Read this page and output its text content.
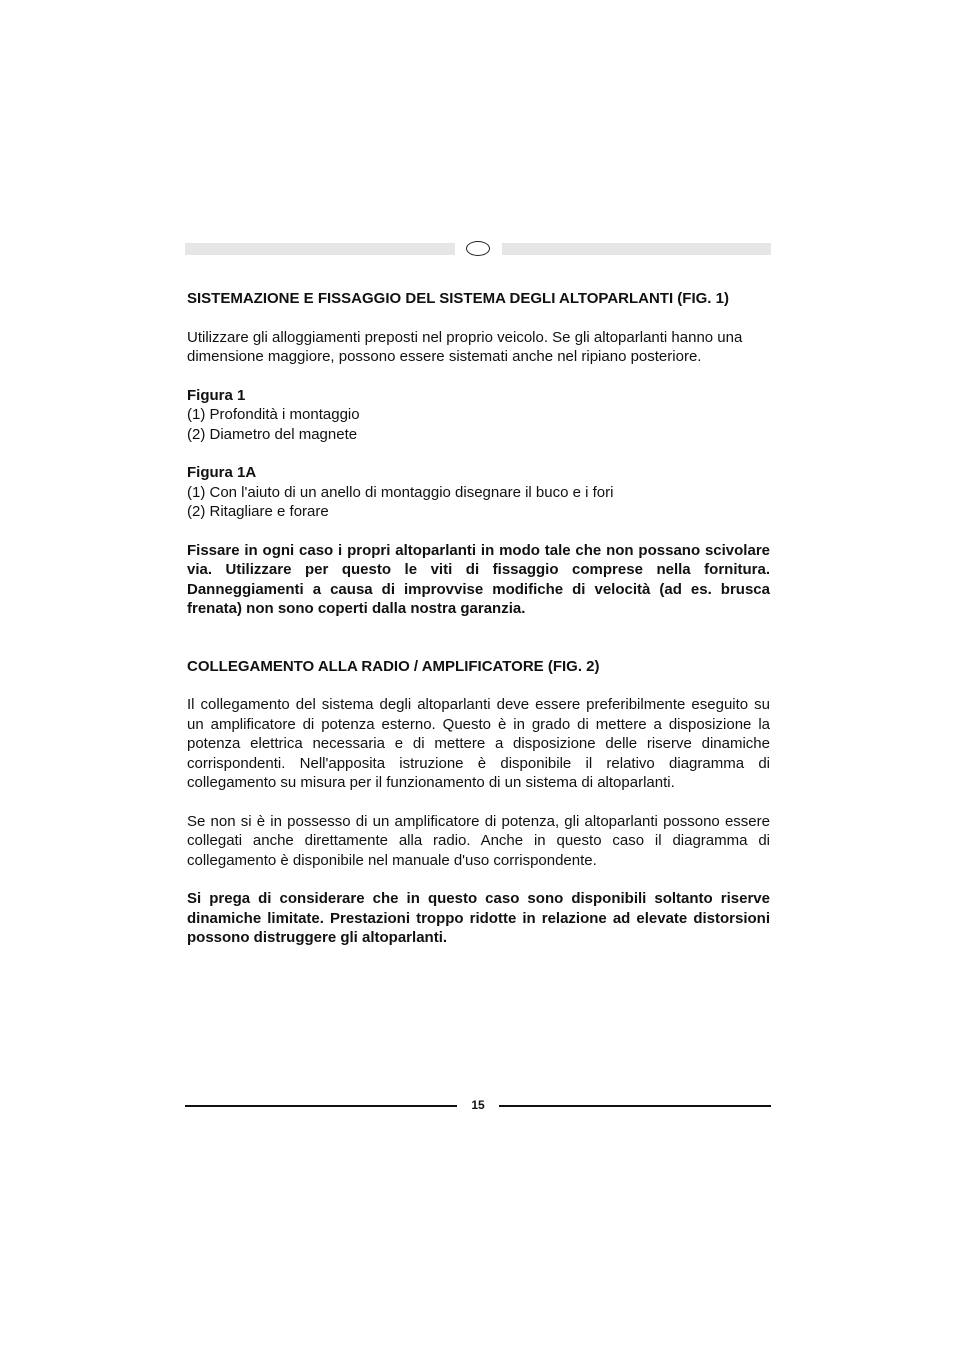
SISTEMAZIONE E FISSAGGIO DEL SISTEMA DEGLI ALTOPARLANTI (FIG. 1)

Utilizzare gli alloggiamenti preposti nel proprio veicolo. Se gli altoparlanti hanno una dimensione maggiore, possono essere sistemati anche nel ripiano posteriore.

Figura 1

(1) Profondità i montaggio

(2) Diametro del magnete

Figura 1A

(1) Con l'aiuto di un anello di montaggio disegnare il buco e i fori

(2) Ritagliare e forare

Fissare in ogni caso i propri altoparlanti in modo tale che non possano scivolare via. Utilizzare per questo le viti di fissaggio comprese nella fornitura. Danneggiamenti a causa di improvvise modifiche di velocità (ad es. brusca frenata) non sono coperti dalla nostra garanzia.

COLLEGAMENTO ALLA RADIO / AMPLIFICATORE (FIG. 2)

Il collegamento del sistema degli altoparlanti deve essere preferibilmente eseguito su un amplificatore di potenza esterno. Questo è in grado di mettere a disposizione la potenza elettrica necessaria e di mettere a disposizione delle riserve dinamiche corrispondenti. Nell'apposita istruzione è disponibile il relativo diagramma di collegamento su misura per il funzionamento di un sistema di altoparlanti.

Se non si è in possesso di un amplificatore di potenza, gli altoparlanti possono essere collegati anche direttamente alla radio. Anche in questo caso il diagramma di collegamento è disponibile nel manuale d'uso corrispondente.

Si prega di considerare che in questo caso sono disponibili soltanto riserve dinamiche limitate. Prestazioni troppo ridotte in relazione ad elevate distorsioni possono distruggere gli altoparlanti.

15
